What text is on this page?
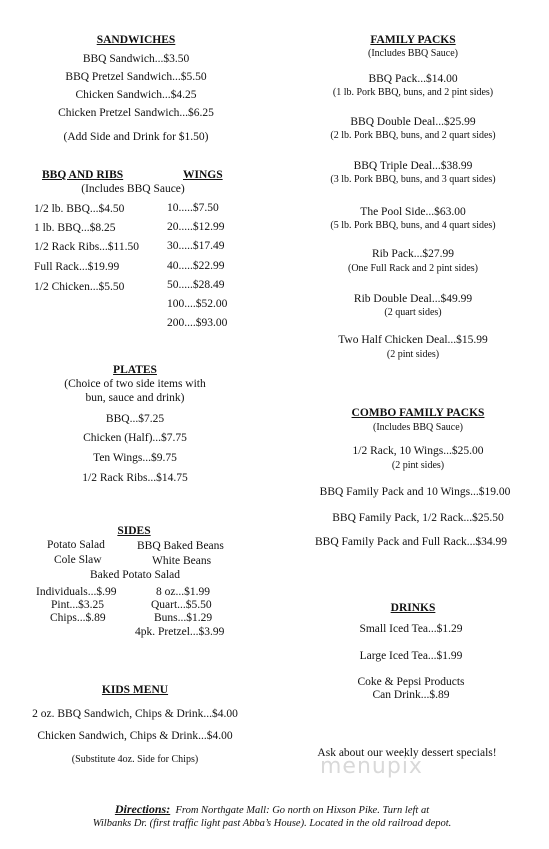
SANDWICHES
BBQ Sandwich...$3.50
BBQ Pretzel Sandwich...$5.50
Chicken Sandwich...$4.25
Chicken Pretzel Sandwich...$6.25
(Add Side and Drink for $1.50)
BBQ AND RIBS	WINGS
(Includes BBQ Sauce)
1/2 lb. BBQ...$4.50
1 lb. BBQ...$8.25
1/2 Rack Ribs...$11.50
Full Rack...$19.99
1/2 Chicken...$5.50
10.....$7.50
20.....$12.99
30.....$17.49
40.....$22.99
50.....$28.49
100....$52.00
200....$93.00
PLATES
(Choice of two side items with
bun, sauce and drink)
BBQ...$7.25
Chicken (Half)...$7.75
Ten Wings...$9.75
1/2 Rack Ribs...$14.75
SIDES
Potato Salad	BBQ Baked Beans
Cole Slaw	White Beans
Baked Potato Salad
Individuals...$.99
Pint...$3.25
Chips...$.89
8 oz...$1.99
Quart...$5.50
Buns...$1.29
4pk. Pretzel...$3.99
KIDS MENU
2 oz. BBQ Sandwich, Chips & Drink...$4.00
Chicken Sandwich, Chips & Drink...$4.00
(Substitute 4oz. Side for Chips)
FAMILY PACKS
(Includes BBQ Sauce)
BBQ Pack...$14.00
(1 lb. Pork BBQ, buns, and 2 pint sides)
BBQ Double Deal...$25.99
(2 lb. Pork BBQ, buns, and 2 quart sides)
BBQ Triple Deal...$38.99
(3 lb. Pork BBQ, buns, and 3 quart sides)
The Pool Side...$63.00
(5 lb. Pork BBQ, buns, and 4 quart sides)
Rib Pack...$27.99
(One Full Rack and 2 pint sides)
Rib Double Deal...$49.99
(2 quart sides)
Two Half Chicken Deal...$15.99
(2 pint sides)
COMBO FAMILY PACKS
(Includes BBQ Sauce)
1/2 Rack, 10 Wings...$25.00
(2 pint sides)
BBQ Family Pack and 10 Wings...$19.00
BBQ Family Pack, 1/2 Rack...$25.50
BBQ Family Pack and Full Rack...$34.99
DRINKS
Small Iced Tea...$1.29
Large Iced Tea...$1.99
Coke & Pepsi Products
Can Drink...$.89
Ask about our weekly dessert specials!
menupix
Directions: From Northgate Mall: Go north on Hixson Pike. Turn left at
Wilbanks Dr. (first traffic light past Abba’s House). Located in the old railroad depot.
